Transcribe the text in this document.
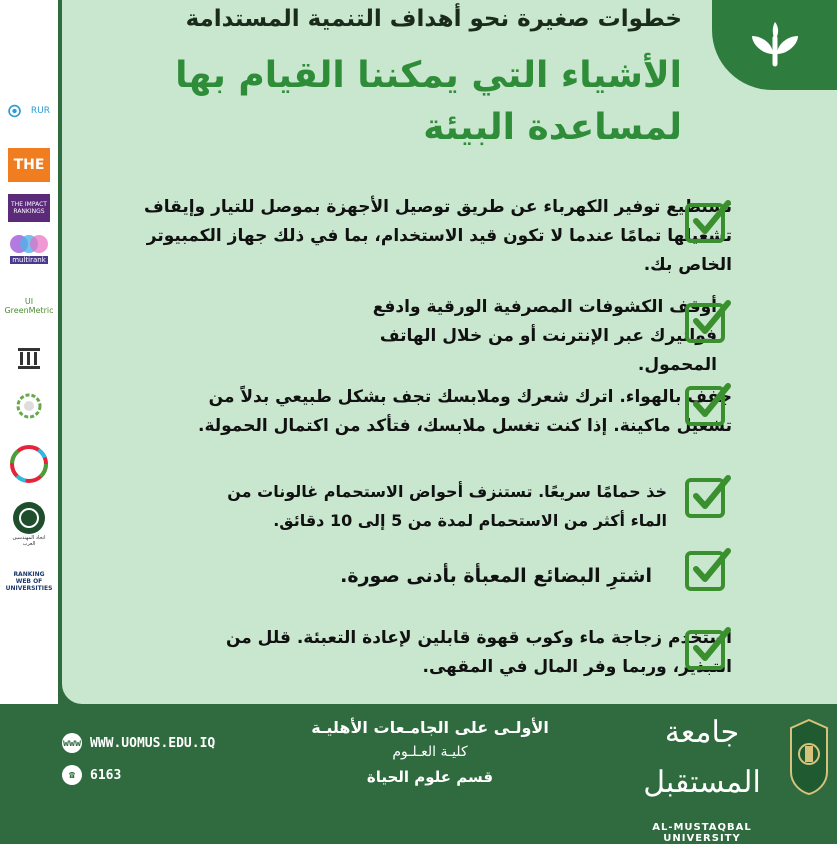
RUR
THE
THE IMPACT RANKINGS
multirank
UI GreenMetric
اتحاد المهندسين العرب
RANKING WEB OF UNIVERSITIES
خطوات صغيرة نحو أهداف التنمية المستدامة
الأشياء التي يمكننا القيام بها
لمساعدة البيئة
تستطيع توفير الكهرباء عن طريق توصيل الأجهزة بموصل للتيار وإيقاف تشغيلها تمامًا عندما لا تكون قيد الاستخدام، بما في ذلك جهاز الكمبيوتر الخاص بك.
أوقف الكشوفات المصرفية الورقية وادفع فواتيرك عبر الإنترنت أو من خلال الهاتف المحمول.
جفف بالهواء. اترك شعرك وملابسك تجف بشكل طبيعي بدلاً من تشغيل ماكينة. إذا كنت تغسل ملابسك، فتأكد من اكتمال الحمولة.
خذ حمامًا سريعًا. تستنزف أحواض الاستحمام غالونات من الماء أكثر من الاستحمام لمدة من 5 إلى 10 دقائق.
اشترِ البضائع المعبأة بأدنى صورة.
استخدم زجاجة ماء وكوب قهوة قابلين لإعادة التعبئة. قلل من التبذير، وربما وفر المال في المقهى.
www WWW.UOMUS.EDU.IQ
☎	6163
الأولـى على الجامـعات الأهليـة
كليـة العـلـوم
قسم علوم الحياة
جامعة المستقبل
AL-MUSTAQBAL UNIVERSITY
